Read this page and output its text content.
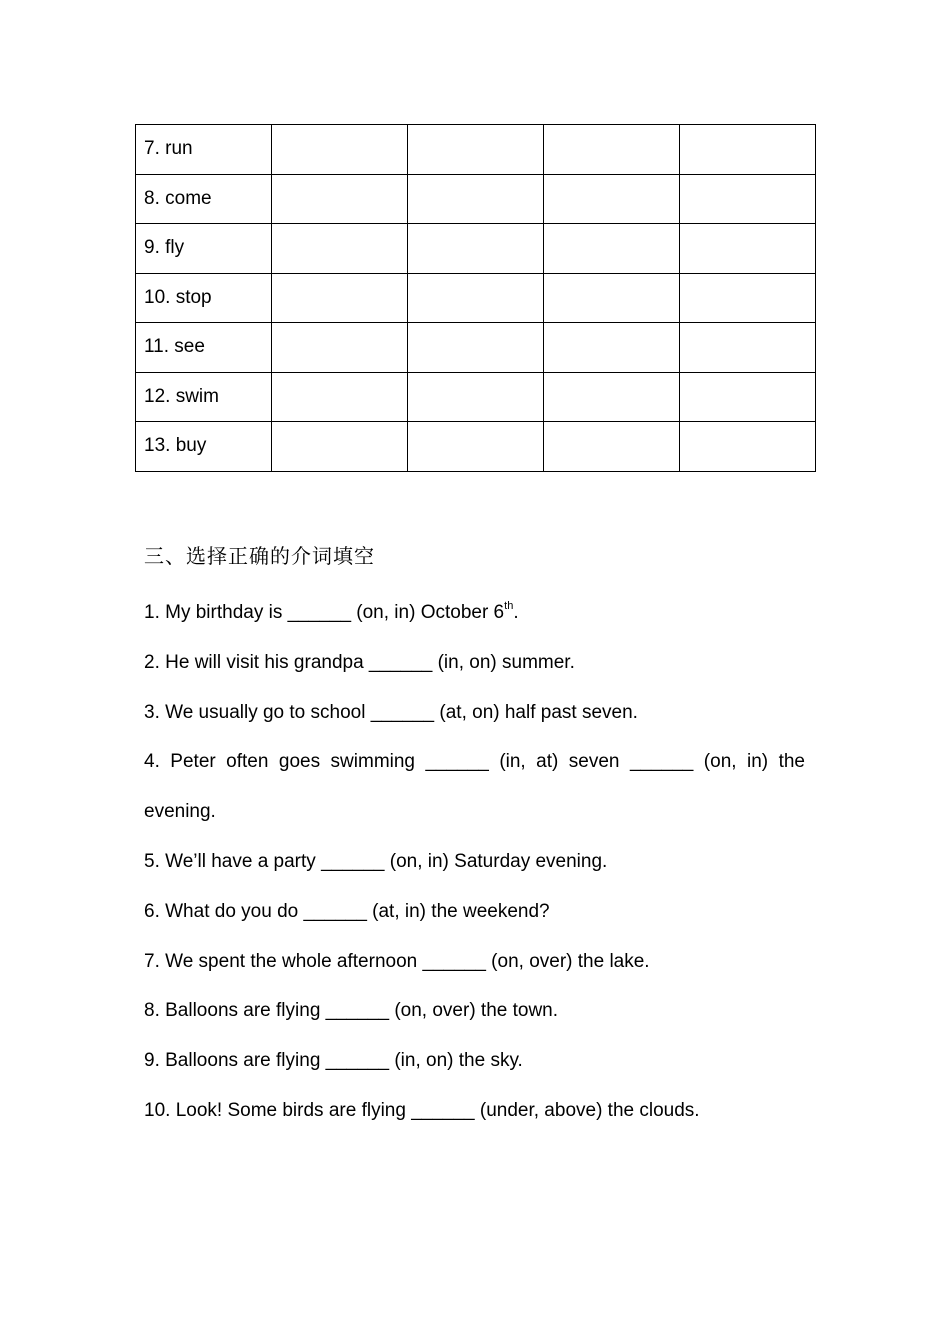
7. run				
8. come				
9. fly				
10. stop				
11. see				
12. swim				
13. buy				
三、选择正确的介词填空

1. My birthday is ______ (on, in) October 6th.

2. He will visit his grandpa ______ (in, on) summer.

3. We usually go to school ______ (at, on) half past seven.

4. Peter often goes swimming ______ (in, at) seven ______ (on, in) the

evening.

5. We’ll have a party ______ (on, in) Saturday evening.

6. What do you do ______ (at, in) the weekend?

7. We spent the whole afternoon ______ (on, over) the lake.

8. Balloons are flying ______ (on, over) the town.

9. Balloons are flying ______ (in, on) the sky.

10. Look! Some birds are flying ______ (under, above) the clouds.
